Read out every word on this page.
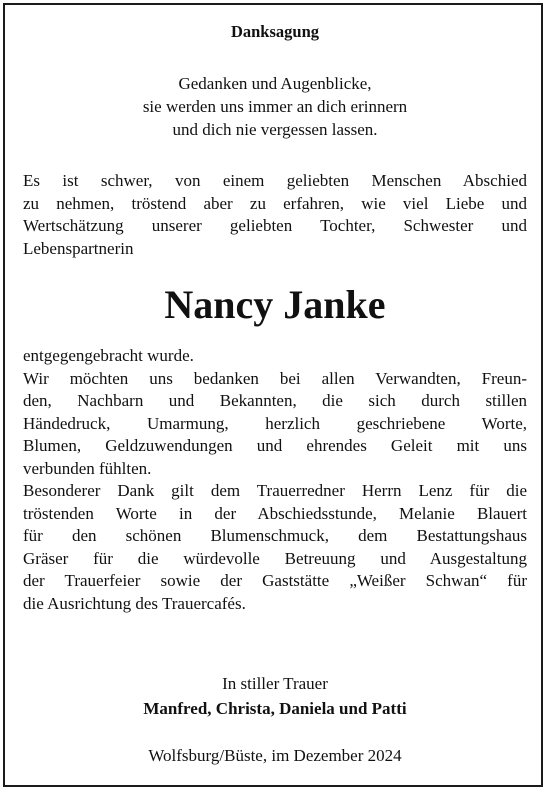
Danksagung
Gedanken und Augenblicke,
sie werden uns immer an dich erinnern
und dich nie vergessen lassen.
Es ist schwer, von einem geliebten Menschen Abschied
zu nehmen, tröstend aber zu erfahren, wie viel Liebe und
Wertschätzung unserer geliebten Tochter, Schwester und
Lebenspartnerin
Nancy Janke
entgegengebracht wurde.
Wir möchten uns bedanken bei allen Verwandten, Freun-
den, Nachbarn und Bekannten, die sich durch stillen
Händedruck, Umarmung, herzlich geschriebene Worte,
Blumen, Geldzuwendungen und ehrendes Geleit mit uns
verbunden fühlten.
Besonderer Dank gilt dem Trauerredner Herrn Lenz für die
tröstenden Worte in der Abschiedsstunde, Melanie Blauert
für den schönen Blumenschmuck, dem Bestattungshaus
Gräser für die würdevolle Betreuung und Ausgestaltung
der Trauerfeier sowie der Gaststätte „Weißer Schwan“ für
die Ausrichtung des Trauercafés.
In stiller Trauer
Manfred, Christa, Daniela und Patti
Wolfsburg/Büste, im Dezember 2024
